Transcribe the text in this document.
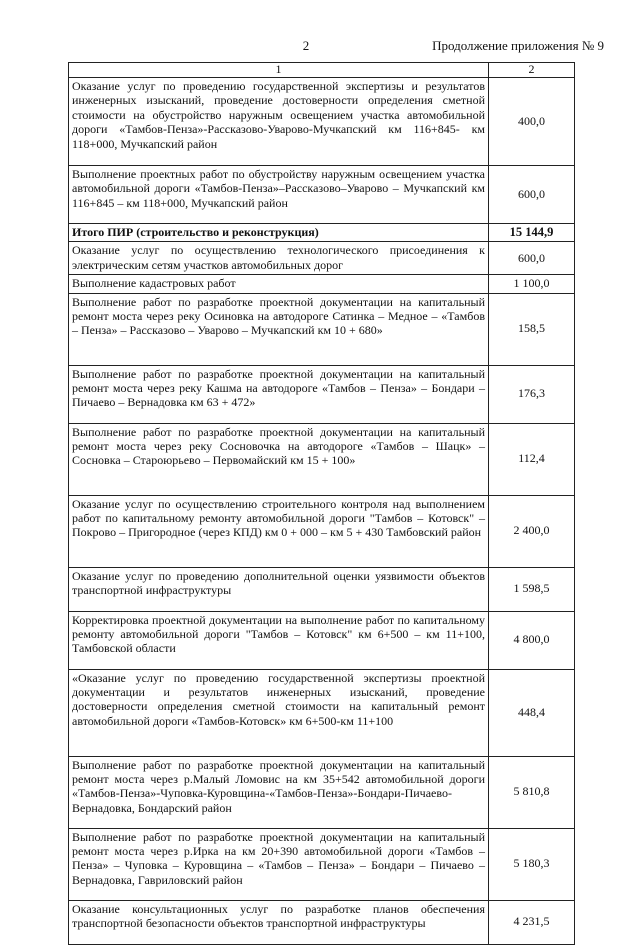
2	Продолжение приложения № 9
1	2
Оказание услуг по проведению государственной экспертизы и результатов инженерных изысканий, проведение достоверности определения сметной стоимости на обустройство наружным освещением участка автомобильной дороги «Тамбов-Пенза»-Рассказово-Уварово-Мучкапский км 116+845- км 118+000, Мучкапский район	400,0
Выполнение проектных работ по обустройству наружным освещением участка автомобильной дороги «Тамбов-Пенза»–Рассказово–Уварово – Мучкапский км 116+845 – км 118+000, Мучкапский район	600,0
Итого ПИР (строительство и реконструкция)	15 144,9
Оказание услуг по осуществлению технологического присоединения к электрическим сетям участков автомобильных дорог	600,0
Выполнение кадастровых работ	1 100,0
Выполнение работ по разработке проектной документации на капитальный ремонт моста через реку Осиновка на автодороге Сатинка – Медное – «Тамбов – Пенза» – Рассказово – Уварово – Мучкапский км 10 + 680»	158,5
Выполнение работ по разработке проектной документации на капитальный ремонт моста через реку Кашма на автодороге «Тамбов – Пенза» – Бондари – Пичаево – Вернадовка км 63 + 472»	176,3
Выполнение работ по разработке проектной документации на капитальный ремонт моста через реку Сосновочка на автодороге «Тамбов – Шацк» – Сосновка – Староюрьево – Первомайский км 15 + 100»	112,4
Оказание услуг по осуществлению строительного контроля над выполнением работ по капитальному ремонту автомобильной дороги "Тамбов – Котовск" – Покрово – Пригородное (через КПД) км 0 + 000 – км 5 + 430 Тамбовский район	2 400,0
Оказание услуг по проведению дополнительной оценки уязвимости объектов транспортной инфраструктуры	1 598,5
Корректировка проектной документации на выполнение работ по капитальному ремонту автомобильной дороги "Тамбов – Котовск" км 6+500 – км 11+100, Тамбовской области	4 800,0
«Оказание услуг по проведению государственной экспертизы проектной документации и результатов инженерных изысканий, проведение достоверности определения сметной стоимости на капитальный ремонт автомобильной дороги «Тамбов-Котовск» км 6+500-км 11+100	448,4
Выполнение работ по разработке проектной документации на капитальный ремонт моста через р.Малый Ломовис на км 35+542 автомобильной дороги «Тамбов-Пенза»-Чуповка-Куровщина-«Тамбов-Пенза»-Бондари-Пичаево-Вернадовка, Бондарский район	5 810,8
Выполнение работ по разработке проектной документации на капитальный ремонт моста через р.Ирка на км 20+390 автомобильной дороги «Тамбов – Пенза» – Чуповка – Куровщина – «Тамбов – Пенза» – Бондари – Пичаево – Вернадовка, Гавриловский район	5 180,3
Оказание консультационных услуг по разработке планов обеспечения транспортной безопасности объектов транспортной инфраструктуры	4 231,5
